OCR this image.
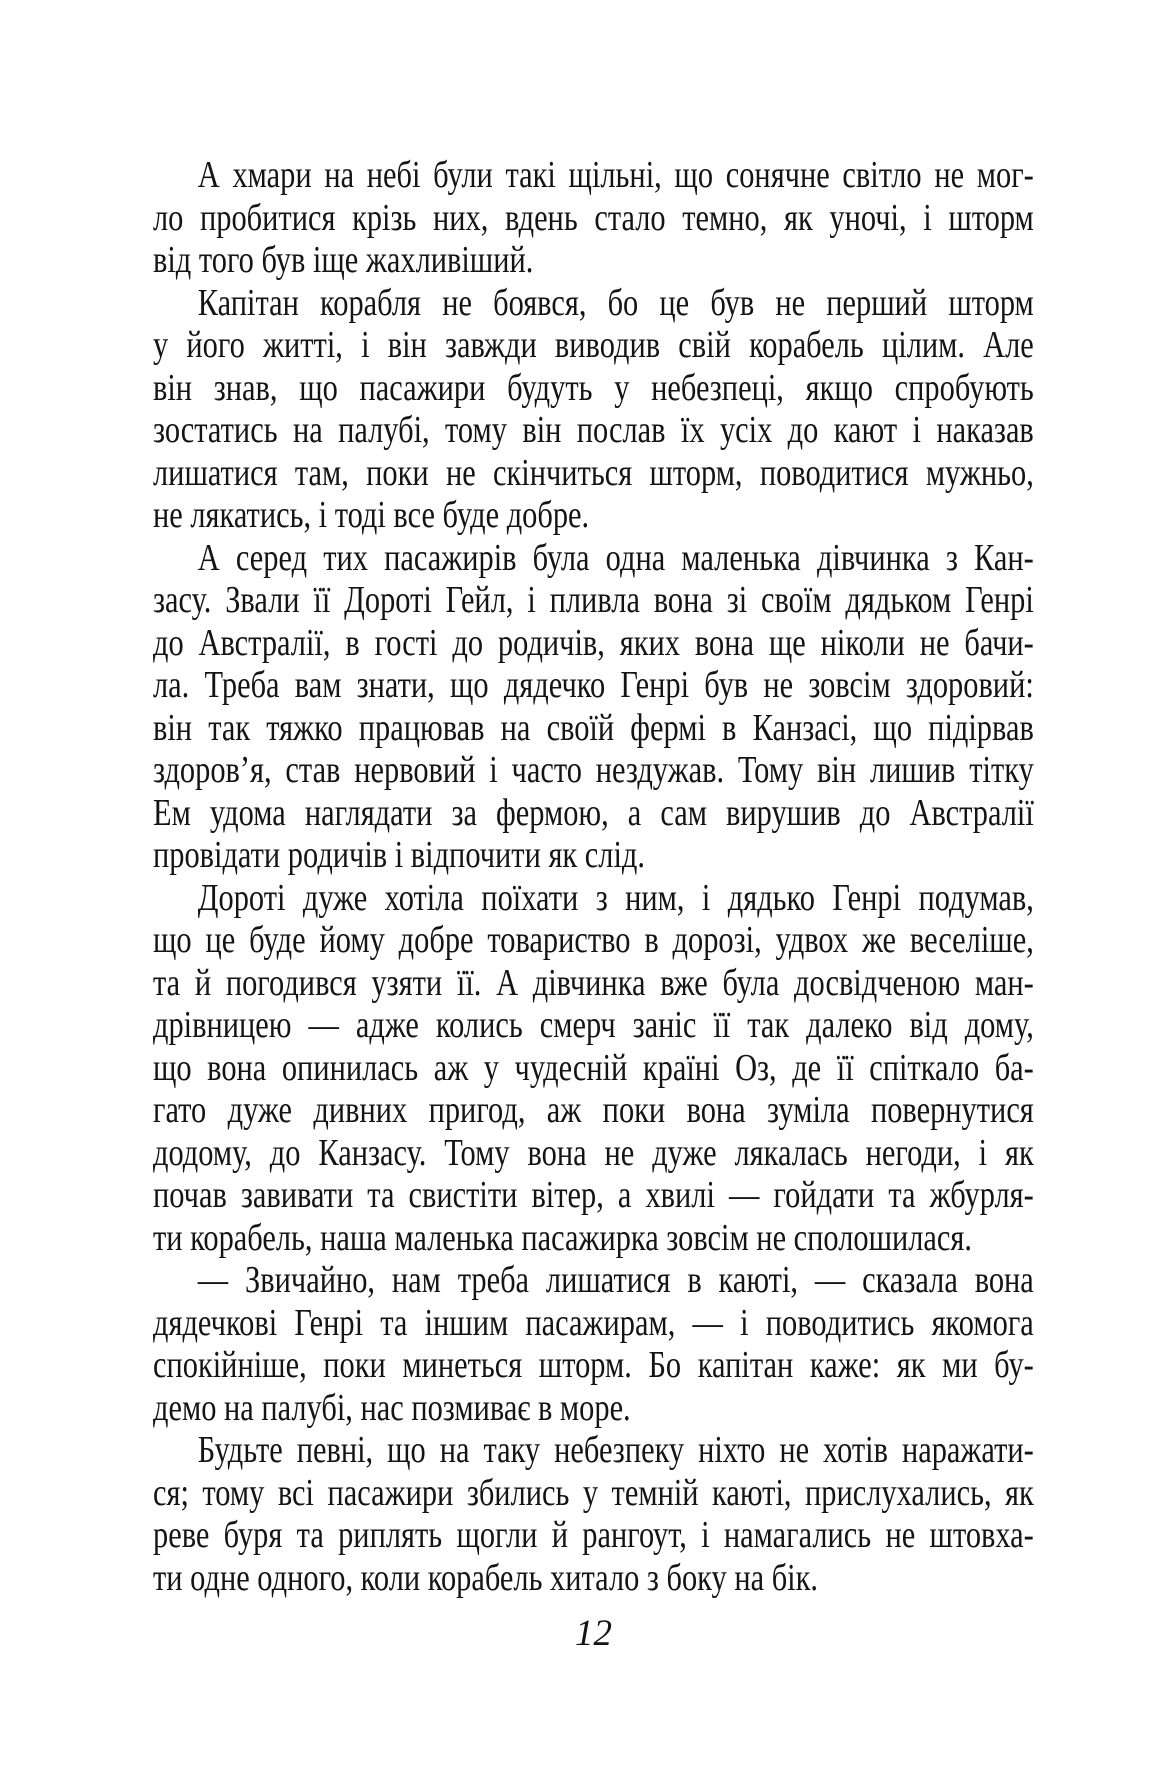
А хмари на небі були такі щільні, що сонячне світло не мог-
ло пробитися крізь них, вдень стало темно, як уночі, і шторм
від того був іще жахливіший.
Капітан корабля не боявся, бо це був не перший шторм
у його житті, і він завжди виводив свій корабель цілим. Але
він знав, що пасажири будуть у небезпеці, якщо спробують
зостатись на палубі, тому він послав їх усіх до кают і наказав
лишатися там, поки не скінчиться шторм, поводитися мужньо,
не лякатись, і тоді все буде добре.
А серед тих пасажирів була одна маленька дівчинка з Кан-
засу. Звали її Дороті Гейл, і пливла вона зі своїм дядьком Генрі
до Австралії, в гості до родичів, яких вона ще ніколи не бачи-
ла. Треба вам знати, що дядечко Генрі був не зовсім здоровий:
він так тяжко працював на своїй фермі в Канзасі, що підірвав
здоров’я, став нервовий і часто нездужав. Тому він лишив тітку
Ем удома наглядати за фермою, а сам вирушив до Австралії
провідати родичів і відпочити як слід.
Дороті дуже хотіла поїхати з ним, і дядько Генрі подумав,
що це буде йому добре товариство в дорозі, удвох же веселіше,
та й погодився узяти її. А дівчинка вже була досвідченою ман-
дрівницею — адже колись смерч заніс її так далеко від дому,
що вона опинилась аж у чудесній країні Оз, де її спіткало ба-
гато дуже дивних пригод, аж поки вона зуміла повернутися
додому, до Канзасу. Тому вона не дуже лякалась негоди, і як
почав завивати та свистіти вітер, а хвилі — гойдати та жбурля-
ти корабель, наша маленька пасажирка зовсім не сполошилася.
— Звичайно, нам треба лишатися в каюті, — сказала вона
дядечкові Генрі та іншим пасажирам, — і поводитись якомога
спокійніше, поки минеться шторм. Бо капітан каже: як ми бу-
демо на палубі, нас позмиває в море.
Будьте певні, що на таку небезпеку ніхто не хотів наражати-
ся; тому всі пасажири збились у темній каюті, прислухались, як
реве буря та риплять щогли й рангоут, і намагались не штовха-
ти одне одного, коли корабель хитало з боку на бік.
12
